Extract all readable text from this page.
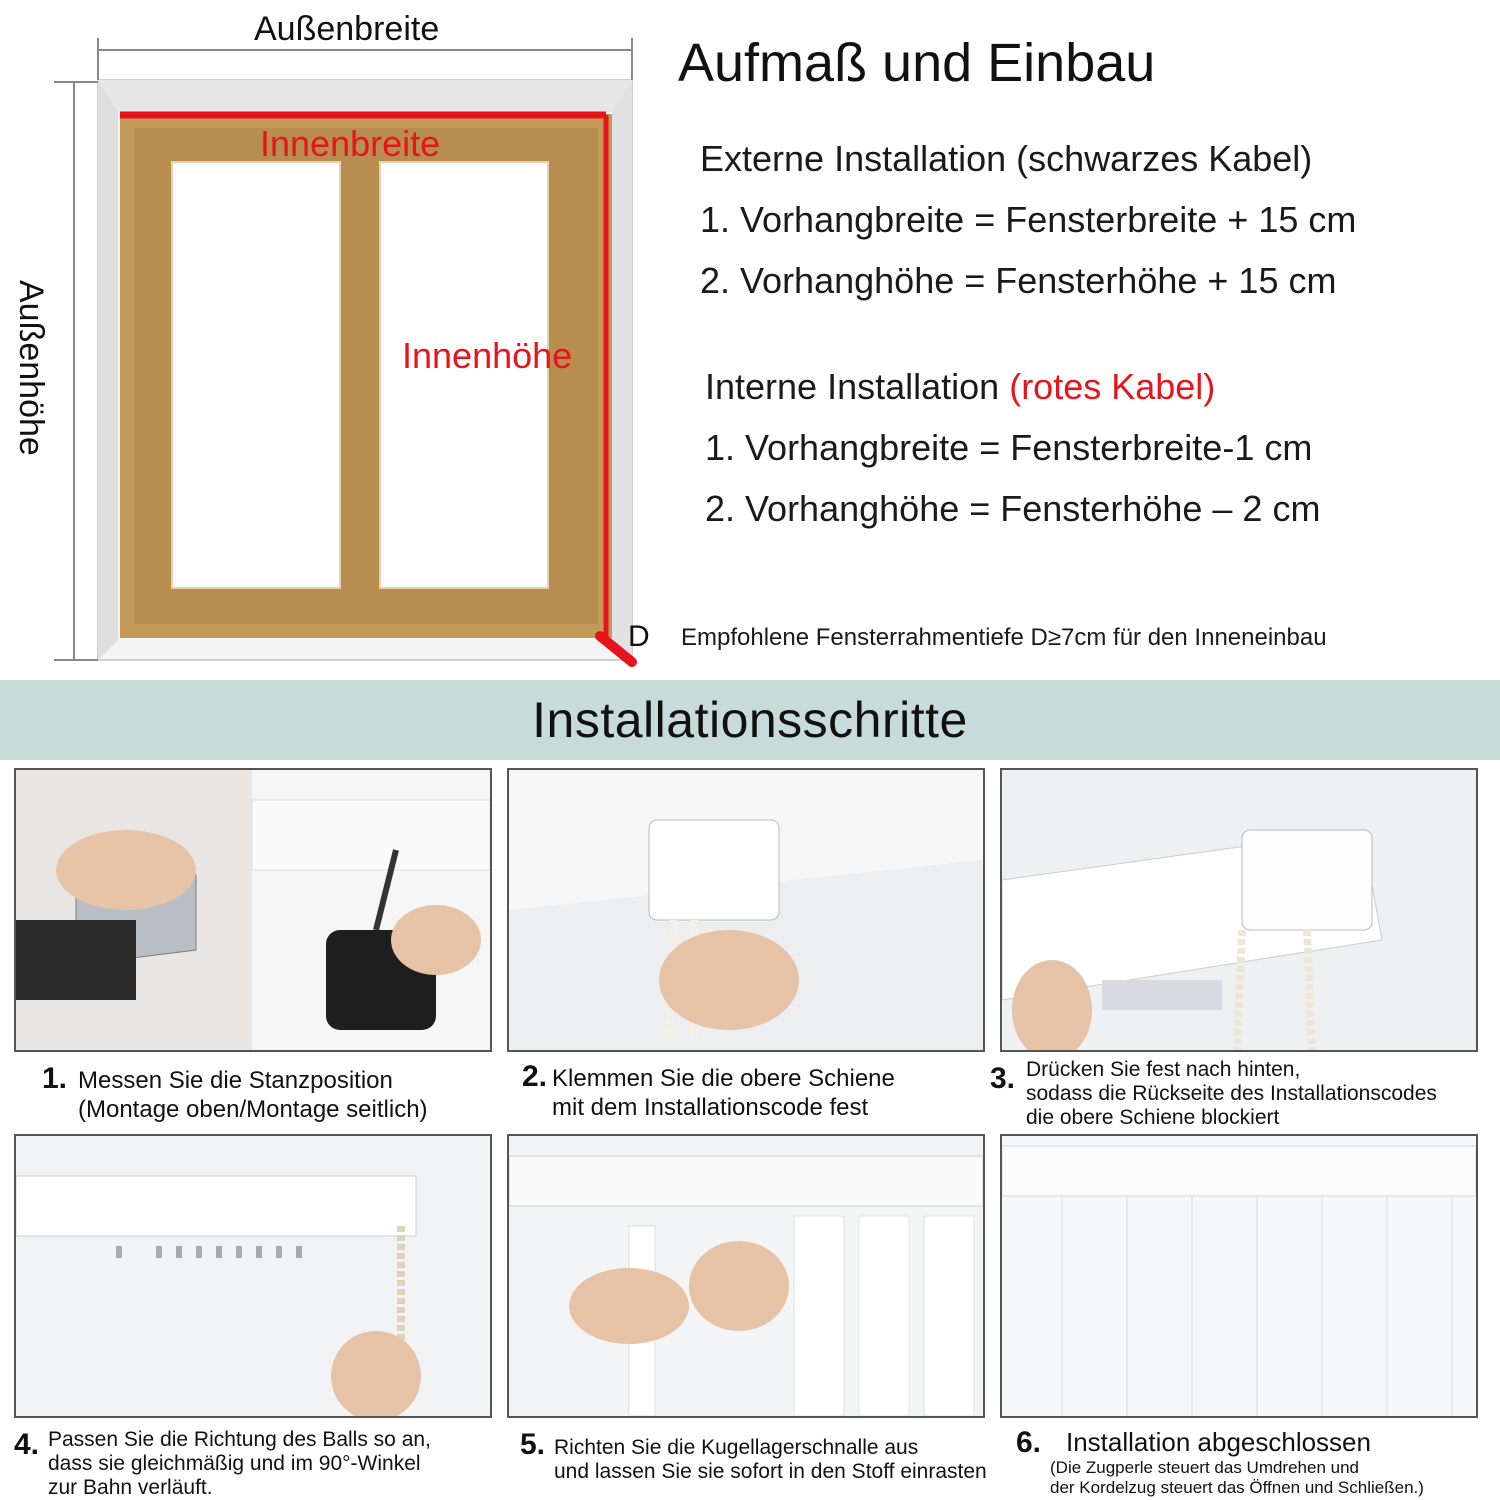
Außenbreite
Innenbreite
Innenhöhe
Außenhöhe
D
Aufmaß und Einbau
Externe Installation (schwarzes Kabel)
1. Vorhangbreite = Fensterbreite + 15 cm
2. Vorhanghöhe = Fensterhöhe + 15 cm
Interne Installation (rotes Kabel)
1. Vorhangbreite = Fensterbreite-1 cm
2. Vorhanghöhe = Fensterhöhe – 2 cm
Empfohlene Fensterrahmentiefe D≥7cm für den Inneneinbau
Installationsschritte
1. Messen Sie die Stanzposition
(Montage oben/Montage seitlich)
2. Klemmen Sie die obere Schiene
mit dem Installationscode fest
3. Drücken Sie fest nach hinten,
sodass die Rückseite des Installationscodes
die obere Schiene blockiert
4. Passen Sie die Richtung des Balls so an,
dass sie gleichmäßig und im 90°-Winkel
zur Bahn verläuft.
5. Richten Sie die Kugellagerschnalle aus
und lassen Sie sie sofort in den Stoff einrasten
6. Installation abgeschlossen
(Die Zugperle steuert das Umdrehen und
der Kordelzug steuert das Öffnen und Schließen.)
